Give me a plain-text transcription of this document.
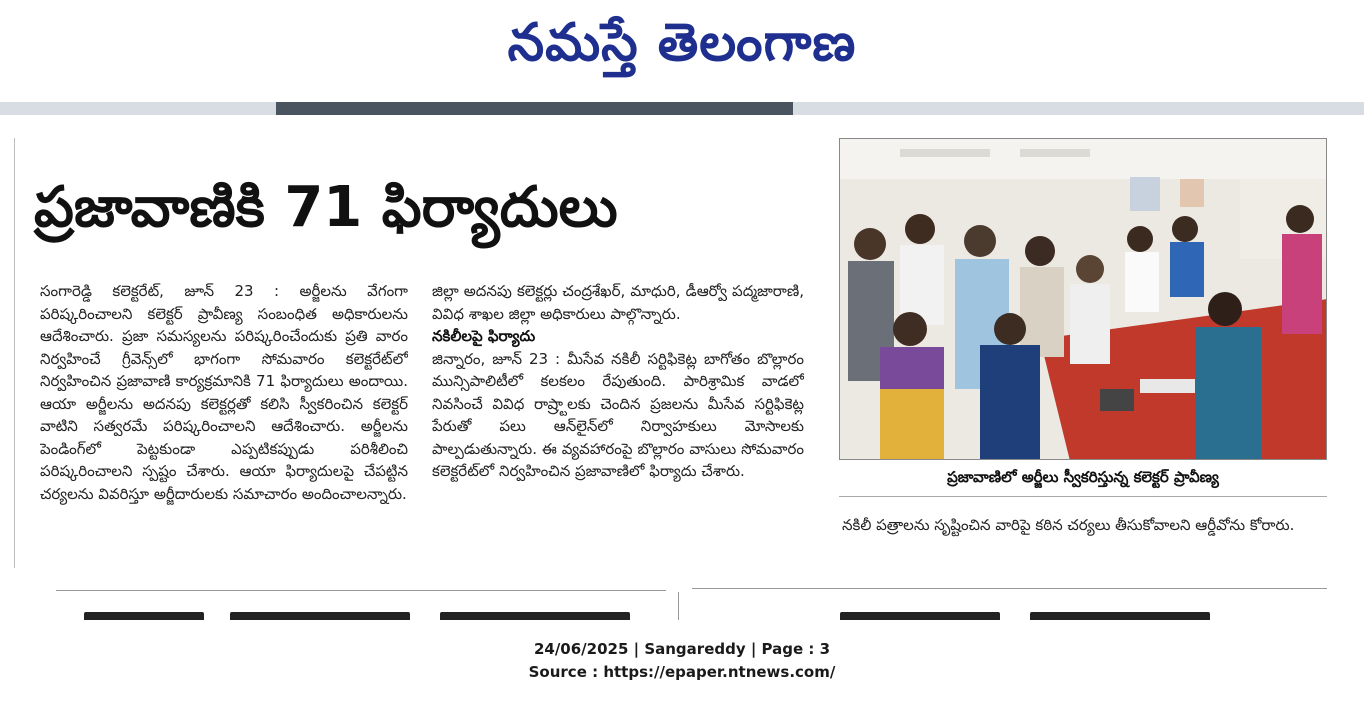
నమస్తే తెలంగాణ
ప్రజావాణికి 71 ఫిర్యాదులు

సంగారెడ్డి కలెక్టరేట్, జూన్ 23 : అర్జీలను వేగంగా పరిష్కరించాలని కలెక్టర్ ప్రావీణ్య సంబంధిత అధికారులను ఆదేశించారు. ప్రజా సమస్యలను పరిష్కరించేందుకు ప్రతి వారం నిర్వహించే గ్రీవెన్స్‌లో భాగంగా సోమవారం కలెక్టరేట్‌లో నిర్వహించిన ప్రజావాణి కార్యక్రమానికి 71 ఫిర్యాదులు అందాయి. ఆయా అర్జీలను అదనపు కలెక్టర్లతో కలిసి స్వీకరించిన కలెక్టర్ వాటిని సత్వరమే పరిష్కరించాలని ఆదేశించారు. అర్జీలను పెండింగ్‌లో పెట్టకుండా ఎప్పటికప్పుడు పరిశీలించి పరిష్కరించాలని స్పష్టం చేశారు. ఆయా ఫిర్యాదులపై చేపట్టిన చర్యలను వివరిస్తూ అర్జీదారులకు సమాచారం అందించాలన్నారు.

జిల్లా అదనపు కలెక్టర్లు చంద్రశేఖర్, మాధురి, డీఆర్వో పద్మజారాణి, వివిధ శాఖల జిల్లా అధికారులు పాల్గొన్నారు.

నకిలీలపై ఫిర్యాదు

జిన్నారం, జూన్ 23 : మీసేవ నకిలీ సర్టిఫికెట్ల బాగోతం బొల్లారం మున్సిపాలిటీలో కలకలం రేపుతుంది. పారిశ్రామిక వాడలో నివసించే వివిధ రాష్ర్టాలకు చెందిన ప్రజలను మీసేవ సర్టిఫికెట్ల పేరుతో పలు ఆన్‌లైన్‌లో నిర్వాహకులు మోసాలకు పాల్పడుతున్నారు. ఈ వ్యవహారంపై బొల్లారం వాసులు సోమవారం కలెక్టరేట్‌లో నిర్వహించిన ప్రజావాణిలో ఫిర్యాదు చేశారు.	ప్రజావాణిలో అర్జీలు స్వీకరిస్తున్న కలెక్టర్ ప్రావీణ్య
నకిలీ పత్రాలను సృష్టించిన వారిపై కఠిన చర్యలు తీసుకోవాలని ఆర్డీవోను కోరారు.
24/06/2025 | Sangareddy | Page : 3
Source : https://epaper.ntnews.com/
